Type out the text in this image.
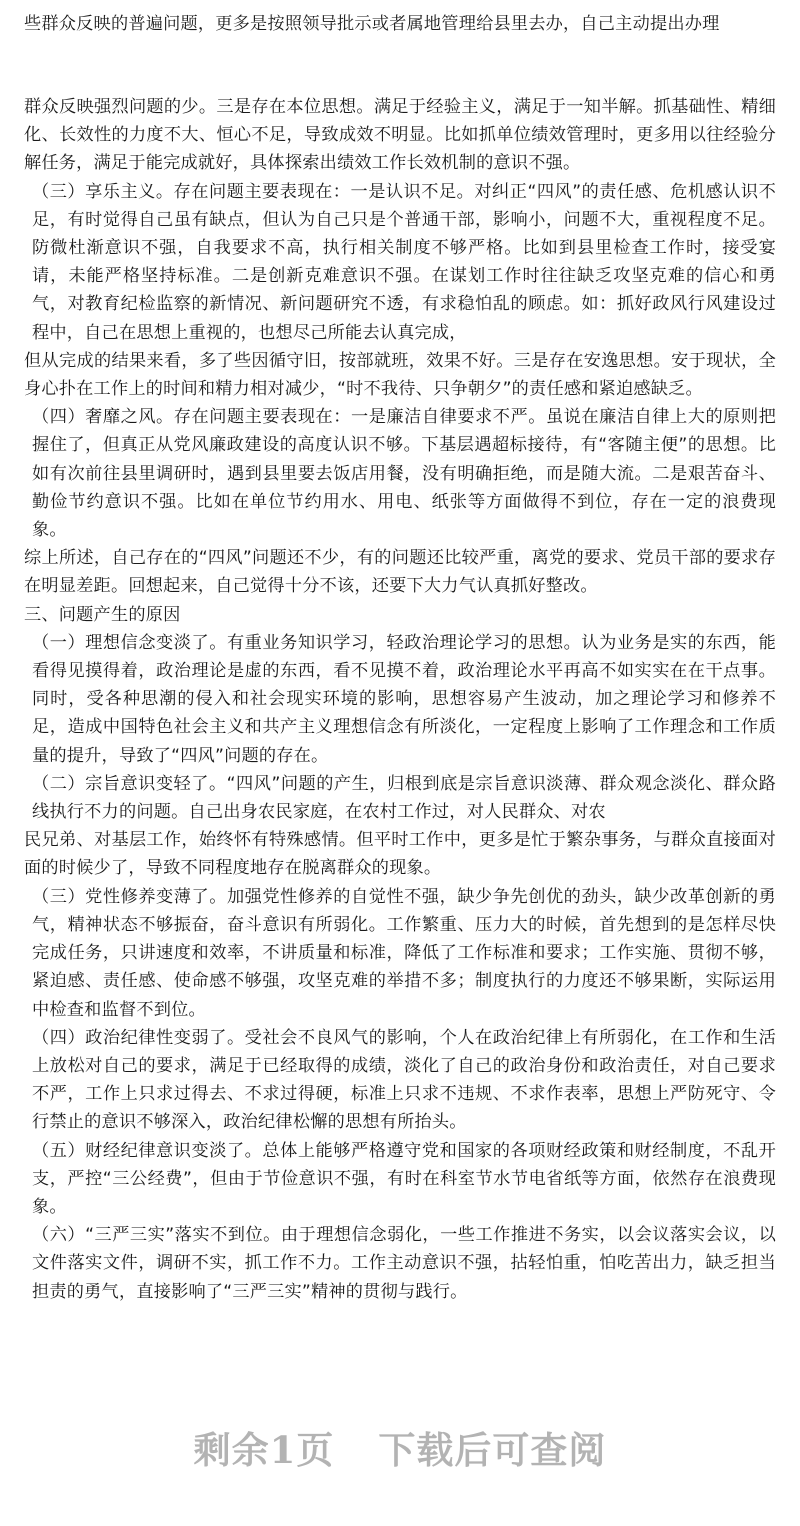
些群众反映的普遍问题，更多是按照领导批示或者属地管理给县里去办，自己主动提出办理

群众反映强烈问题的少。三是存在本位思想。满足于经验主义，满足于一知半解。抓基础性、精细化、长效性的力度不大、恒心不足，导致成效不明显。比如抓单位绩效管理时，更多用以往经验分解任务，满足于能完成就好，具体探索出绩效工作长效机制的意识不强。

（三）享乐主义。存在问题主要表现在：一是认识不足。对纠正“四风”的责任感、危机感认识不足，有时觉得自己虽有缺点，但认为自己只是个普通干部，影响小，问题不大，重视程度不足。防微杜渐意识不强，自我要求不高，执行相关制度不够严格。比如到县里检查工作时，接受宴请，未能严格坚持标准。二是创新克难意识不强。在谋划工作时往往缺乏攻坚克难的信心和勇气，对教育纪检监察的新情况、新问题研究不透，有求稳怕乱的顾虑。如：抓好政风行风建设过程中，自己在思想上重视的，也想尽己所能去认真完成，

但从完成的结果来看，多了些因循守旧，按部就班，效果不好。三是存在安逸思想。安于现状，全身心扑在工作上的时间和精力相对减少，“时不我待、只争朝夕”的责任感和紧迫感缺乏。

（四）奢靡之风。存在问题主要表现在：一是廉洁自律要求不严。虽说在廉洁自律上大的原则把握住了，但真正从党风廉政建设的高度认识不够。下基层遇超标接待，有“客随主便”的思想。比如有次前往县里调研时，遇到县里要去饭店用餐，没有明确拒绝，而是随大流。二是艰苦奋斗、勤俭节约意识不强。比如在单位节约用水、用电、纸张等方面做得不到位，存在一定的浪费现象。

综上所述，自己存在的“四风”问题还不少，有的问题还比较严重，离党的要求、党员干部的要求存在明显差距。回想起来，自己觉得十分不该，还要下大力气认真抓好整改。

三、问题产生的原因

（一）理想信念变淡了。有重业务知识学习，轻政治理论学习的思想。认为业务是实的东西，能看得见摸得着，政治理论是虚的东西，看不见摸不着，政治理论水平再高不如实实在在干点事。同时，受各种思潮的侵入和社会现实环境的影响，思想容易产生波动，加之理论学习和修养不足，造成中国特色社会主义和共产主义理想信念有所淡化，一定程度上影响了工作理念和工作质量的提升，导致了“四风”问题的存在。

（二）宗旨意识变轻了。“四风”问题的产生，归根到底是宗旨意识淡薄、群众观念淡化、群众路线执行不力的问题。自己出身农民家庭，在农村工作过，对人民群众、对农

民兄弟、对基层工作，始终怀有特殊感情。但平时工作中，更多是忙于繁杂事务，与群众直接面对面的时候少了，导致不同程度地存在脱离群众的现象。

（三）党性修养变薄了。加强党性修养的自觉性不强，缺少争先创优的劲头，缺少改革创新的勇气，精神状态不够振奋，奋斗意识有所弱化。工作繁重、压力大的时候，首先想到的是怎样尽快完成任务，只讲速度和效率，不讲质量和标准，降低了工作标准和要求；工作实施、贯彻不够，紧迫感、责任感、使命感不够强，攻坚克难的举措不多；制度执行的力度还不够果断，实际运用中检查和监督不到位。

（四）政治纪律性变弱了。受社会不良风气的影响，个人在政治纪律上有所弱化，在工作和生活上放松对自己的要求，满足于已经取得的成绩，淡化了自己的政治身份和政治责任，对自己要求不严，工作上只求过得去、不求过得硬，标准上只求不违规、不求作表率，思想上严防死守、令行禁止的意识不够深入，政治纪律松懈的思想有所抬头。

（五）财经纪律意识变淡了。总体上能够严格遵守党和国家的各项财经政策和财经制度，不乱开支，严控“三公经费”，但由于节俭意识不强，有时在科室节水节电省纸等方面，依然存在浪费现象。

（六）“三严三实”落实不到位。由于理想信念弱化，一些工作推进不务实，以会议落实会议，以文件落实文件，调研不实，抓工作不力。工作主动意识不强，拈轻怕重，怕吃苦出力，缺乏担当担责的勇气，直接影响了“三严三实”精神的贯彻与践行。

剩余1页 下载后可查阅
